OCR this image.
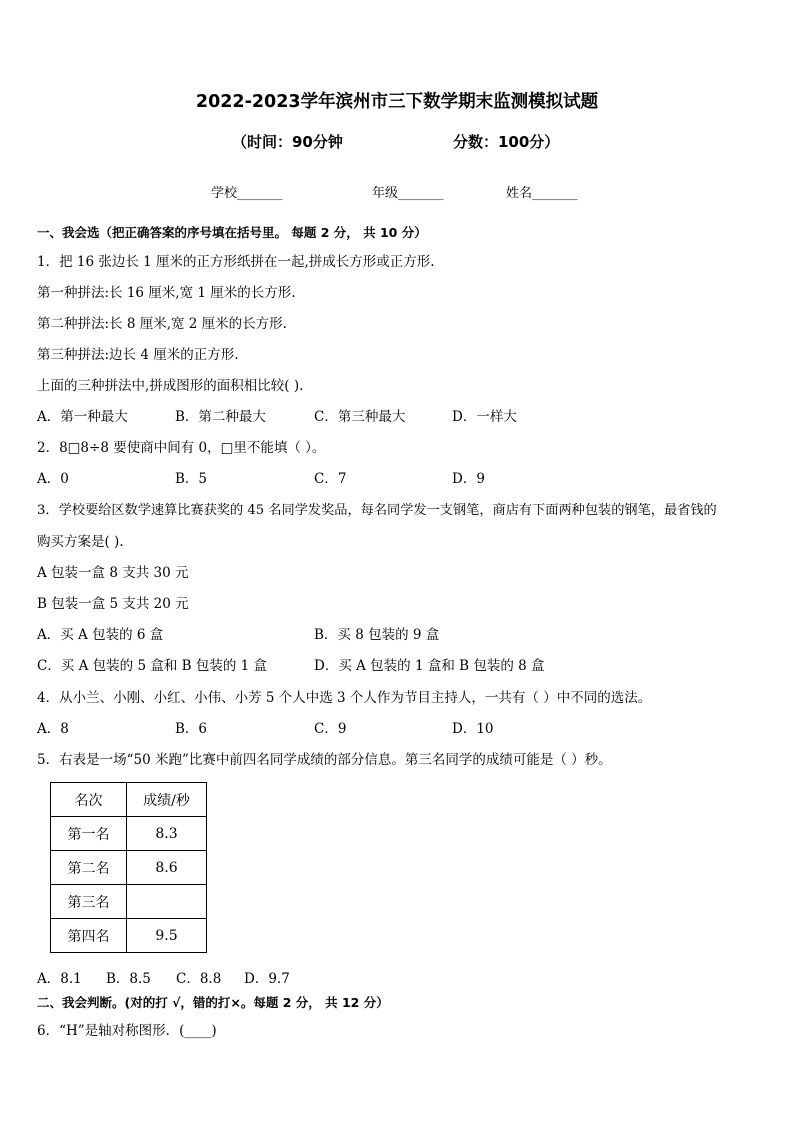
2022-2023学年滨州市三下数学期末监测模拟试题
（时间：90分钟	分数：100分）
学校_______	年级_______	姓名_______
一、我会选（把正确答案的序号填在括号里。 每题 2 分， 共 10 分）
1．把 16 张边长 1 厘米的正方形纸拼在一起,拼成长方形或正方形.
第一种拼法:长 16 厘米,宽 1 厘米的长方形.
第二种拼法:长 8 厘米,宽 2 厘米的长方形.
第三种拼法:边长 4 厘米的正方形.
上面的三种拼法中,拼成图形的面积相比较( ).
A．第一种最大	B．第二种最大	C．第三种最大	D．一样大
2．8□8÷8 要使商中间有 0，□里不能填（ ）。
A．0	B．5	C．7	D．9
3．学校要给区数学速算比赛获奖的 45 名同学发奖品，每名同学发一支钢笔，商店有下面两种包装的钢笔，最省钱的
购买方案是( ).
A 包装一盒 8 支共 30 元
B 包装一盒 5 支共 20 元
A．买 A 包装的 6 盒	B．买 8 包装的 9 盒
C．买 A 包装的 5 盒和 B 包装的 1 盒	D．买 A 包装的 1 盒和 B 包装的 8 盒
4．从小兰、小刚、小红、小伟、小芳 5 个人中选 3 个人作为节目主持人，一共有（ ）中不同的选法。
A．8	B．6	C．9	D．10
5．右表是一场“50 米跑”比赛中前四名同学成绩的部分信息。第三名同学的成绩可能是（ ）秒。
名次	成绩/秒
第一名	8.3
第二名	8.6
第三名	
第四名	9.5
A．8.1 B．8.5 C．8.8 D．9.7
二、我会判断。(对的打 √，错的打×。每题 2 分， 共 12 分）
6．“H”是轴对称图形．(____)
